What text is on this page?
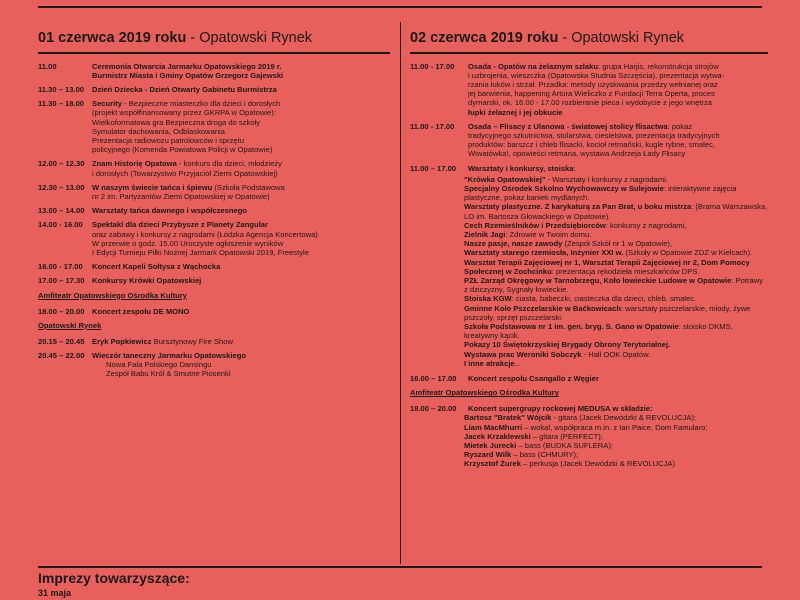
01 czerwca 2019 roku - Opatowski Rynek
11.00	Ceremonia Otwarcia Jarmarku Opatowskiego 2019 r.
Burmistrz Miasta i Gminy Opatów Grzegorz Gajewski
11.30 – 13.00	Dzień Dziecka - Dzień Otwarty Gabinetu Burmistrza
11.30 – 18.00	Security - Bezpieczne miasteczko dla dzieci i dorosłych
(projekt współfinansowany przez GKRPA w Opatowie):
Wielkoformatowa gra Bezpieczna droga do szkoły
Symulator dachowania, Odblaskowania
Prezentacja radiowozu patrolowców i sprzętu
policyjnego (Komenda Powiatowa Policji w Opatowie)
12.00 – 12.30 Znam Historię Opatowa - konkurs dla dzieci, młodzieży
i dorosłych (Towarzystwo Przyjaciół Ziemi Opatowskiej)
12.30 – 13.00 W naszym świecie tańca i śpiewu (Szkoła Podstawowa
nr 2 im. Partyzantów Ziemi Opatowskiej w Opatowie)
13.00 – 14.00 Warsztaty tańca dawnego i współczesnego
14.00 - 16.00	Spektakl dla dzieci Przybysze z Planety Zangular
oraz zabawy i konkursy z nagrodami (Łódzka Agencja Koncertowa)
W przerwie o godz. 15.00 Uroczyste ogłoszenie wyników
I Edycji Turnieju Piłki Nożnej Jarmark Opatowski 2019, Freestyle
16.00 - 17.00	Koncert Kapeli Sołtysa z Wąchocka
17.00 – 17.30 Konkursy Krówki Opatowskiej
Amfiteatr Opatowskiego Ośrodka Kultury
18.00 – 20.00 Koncert zespołu DE MONO
Opatowski Rynek
20.15 – 20.45 Eryk Popkiewicz Bursztynowy Fire Show
20.45 – 22.00 Wieczór taneczny Jarmarku Opatowskiego
Nowa Fala Polskiego Dansingu
Zespół Babu Król & Smutne Piosenki
02 czerwca 2019 roku - Opatowski Rynek
11.00 - 17.00	Osada - Opatów na żelaznym szlaku: grupa Harjis, rekonstrukcja strojów
i uzbrojenia, wieszczka (Opatowska Studnia Szczęścia), prezentacja wytwa-
rzania łuków i strzał. Przadka: metody uzyskiwania przedzy wełnianej oraz
jej barwienia, happening Artura Wieliczko z Fundacji Terra Operta, proces
dymarski, ok. 16.00 - 17.00 rozbieranie pieca i wydobycie z jego wnętrza
łupki żelaznej i jej obkucie
11.00 - 17.00	Osada – Flisacy z Ulanowa - światowej stolicy flisactwa: pokaz
tradycyjnego szkutnictwa, stolarstwa, ciesielstwa, prezentacja tradycyjnych
produktów: barszcz i chleb flisacki, kocioł retmański, kugle rybne, smalec,
Wiwatówka!, opowieści retmana, wystawa Andrzeja Łady Flisacy
11.00 – 17.00	Warsztaty i konkursy, stoiska:
"Krówka Opatowskiej" - Warsztaty i konkursy z nagrodami.
Specjalny Ośrodek Szkolno Wychowawczy w Sulejowie: interaktywne zajęcia plastyczne, pokaz baniek mydlanych.
Warsztaty plastyczne. Z karykaturą za Pan Brat, u boku mistrza: (Brama Warszawska, LO im. Bartosza Głowackiego w Opatowie).
Cech Rzemieślników i Przedsiębiorców: konkursy z nagrodami,
Zielnik Jagi: Zdrowie w Twoim domu.
Nasze pasje, nasze zawody (Zespół Szkół nr 1 w Opatowie),
Warsztaty starego rzemiosła, Inżynier XXI w. (Szkoły w Opatowie ZDZ w Kielcach).
Warsztat Terapii Zajęciowej nr 1, Warsztat Terapii Zajęciowej nr 2, Dom Pomocy Społecznej w Zochcinku: prezentacja rękodzieła mieszkańców DPS.
PZŁ Zarząd Okręgowy w Tarnobrzegu, Koło łowieckie Ludowe w Opatowie: Potrawy z dziczyzny, Sygnały łowieckie.
Stoiska KGW: ciasta, babeczki, ciasteczka dla dzieci, chleb, smalec.
Gminne Koło Pszczelarskie w Baćkowicach: warsztaty pszczelarskie, miody, żywe pszczoły, sprzęt pszczelarski.
Szkoła Podstawowa nr 1 im. gen. bryg. S. Gano w Opatowie: stoisko DKMS, kreatywny kącik.
Pokazy 10 Świętokrzyskiej Brygady Obrony Terytorialnej.
Wystawa prac Weroniki Sobczyk - Hall OOK Opatów.
I inne atrakcje...
16.00 – 17.00	Koncert zespołu Csangallo z Węgier
Amfiteatr Opatowskiego Ośrodka Kultury
18.00 – 20.00	Koncert supergrupy rockowej MEDUSA w składzie:
Bartosz "Bratek" Wójcik - gitara (Jacek Dewódzki & REVOLUCJA);
Liam MacMhurri – wokal, współpraca m.in. z Ian Paice, Dom Famularo;
Jacek Krzaklewski – gitara (PERFECT);
Mietek Jurecki – bass (BUDKA SUFLERA);
Ryszard Wilk – bass (CHMURY);
Krzysztof Żurek – perkusja (Jacek Dewódzki & REVOLUCJA)
Imprezy towarzyszące:
31 maja
